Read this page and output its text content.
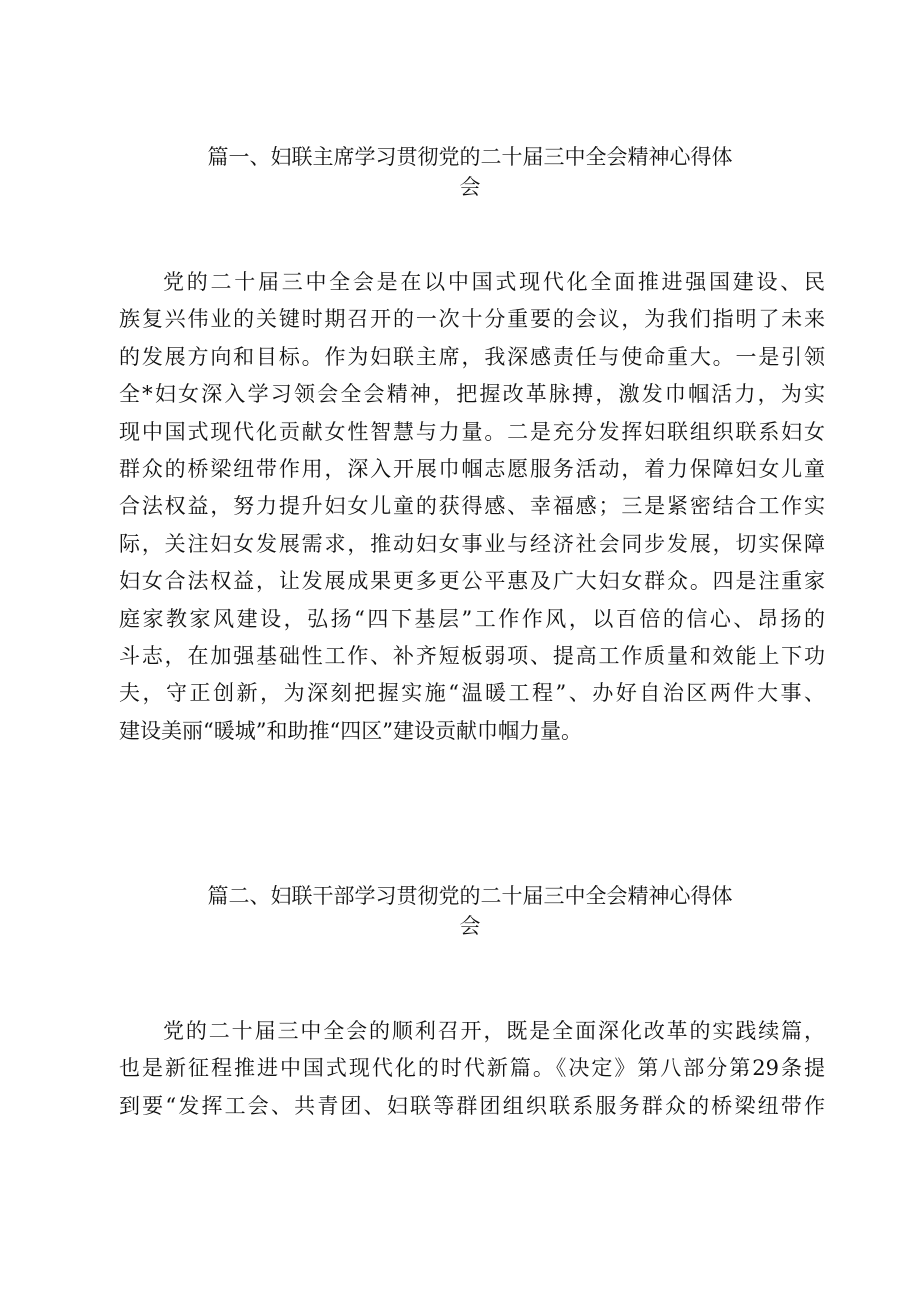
篇一、妇联主席学习贯彻党的二十届三中全会精神心得体
会
党的二十届三中全会是在以中国式现代化全面推进强国建设、民
族复兴伟业的关键时期召开的一次十分重要的会议，为我们指明了未来
的发展方向和目标。作为妇联主席，我深感责任与使命重大。一是引领
全*妇女深入学习领会全会精神，把握改革脉搏，激发巾帼活力，为实
现中国式现代化贡献女性智慧与力量。二是充分发挥妇联组织联系妇女
群众的桥梁纽带作用，深入开展巾帼志愿服务活动，着力保障妇女儿童
合法权益，努力提升妇女儿童的获得感、幸福感；三是紧密结合工作实
际，关注妇女发展需求，推动妇女事业与经济社会同步发展，切实保障
妇女合法权益，让发展成果更多更公平惠及广大妇女群众。四是注重家
庭家教家风建设，弘扬“四下基层”工作作风，以百倍的信心、昂扬的
斗志，在加强基础性工作、补齐短板弱项、提高工作质量和效能上下功
夫，守正创新，为深刻把握实施“温暖工程”、办好自治区两件大事、
建设美丽“暖城”和助推“四区”建设贡献巾帼力量。
篇二、妇联干部学习贯彻党的二十届三中全会精神心得体
会
党的二十届三中全会的顺利召开，既是全面深化改革的实践续篇，
也是新征程推进中国式现代化的时代新篇。《决定》第八部分第29条提
到要“发挥工会、共青团、妇联等群团组织联系服务群众的桥梁纽带作
